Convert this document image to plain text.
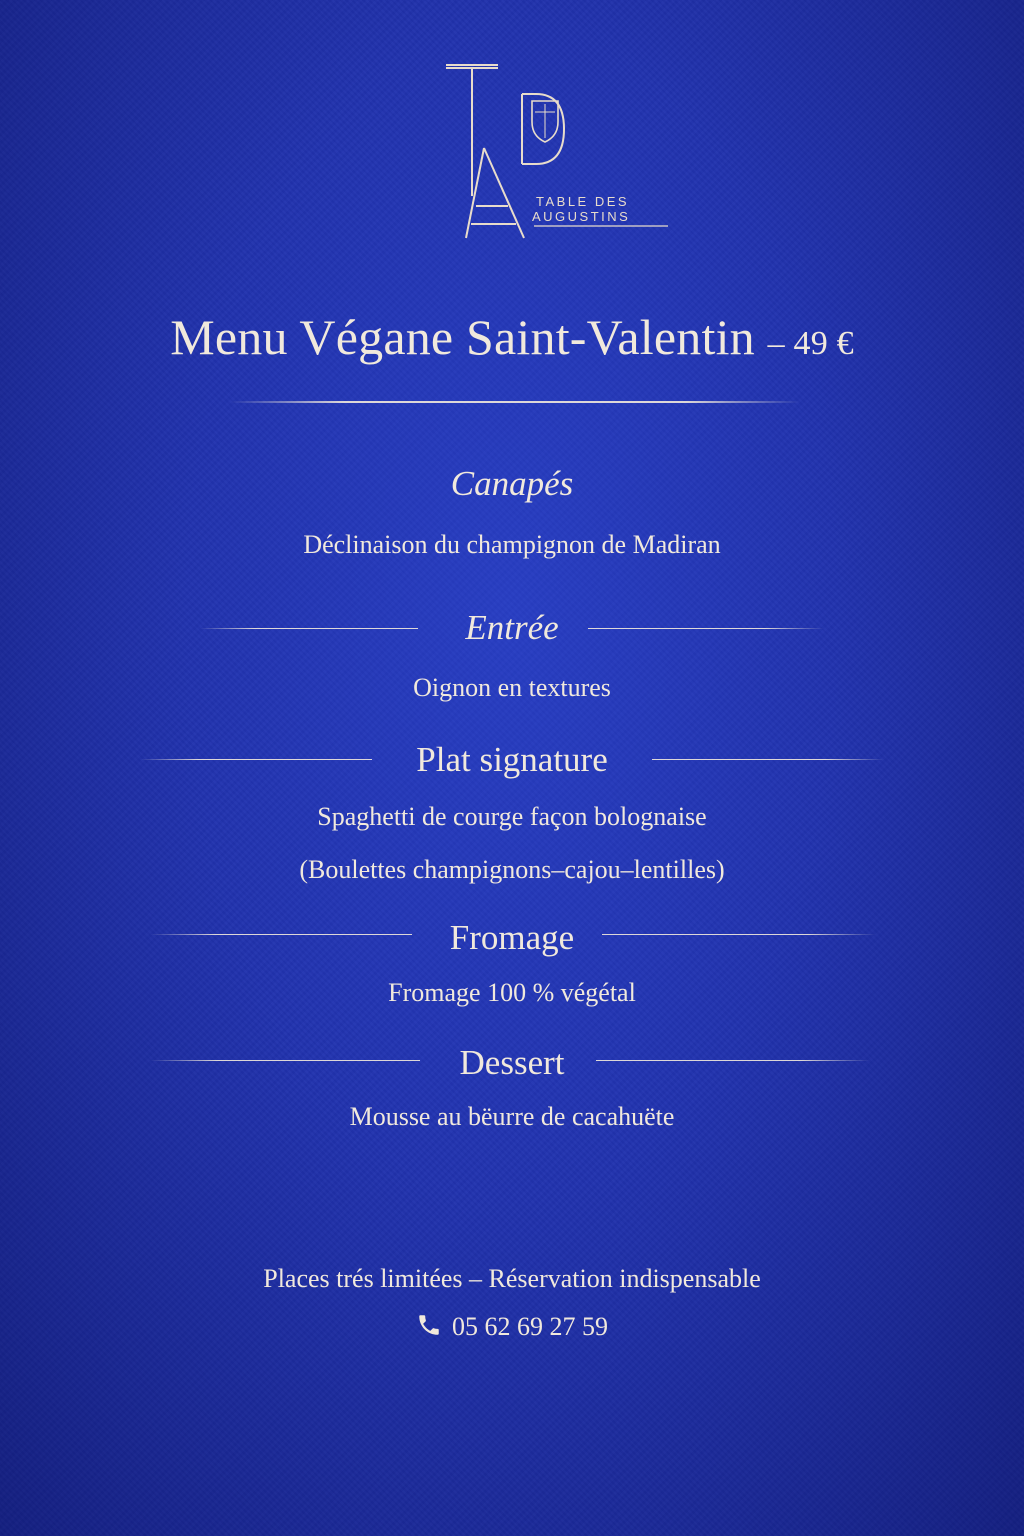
TABLE DES
AUGUSTINS
Menu Végane Saint-Valentin – 49 €
Canapés
Déclinaison du champignon de Madiran
Entrée
Oignon en textures
Plat signature
Spaghetti de courge façon bolognaise
(Boulettes champignons–cajou–lentilles)
Fromage
Fromage 100 % végétal
Dessert
Mousse au bëurre de cacahuëte
Places trés limitées – Réservation indispensable
05 62 69 27 59
